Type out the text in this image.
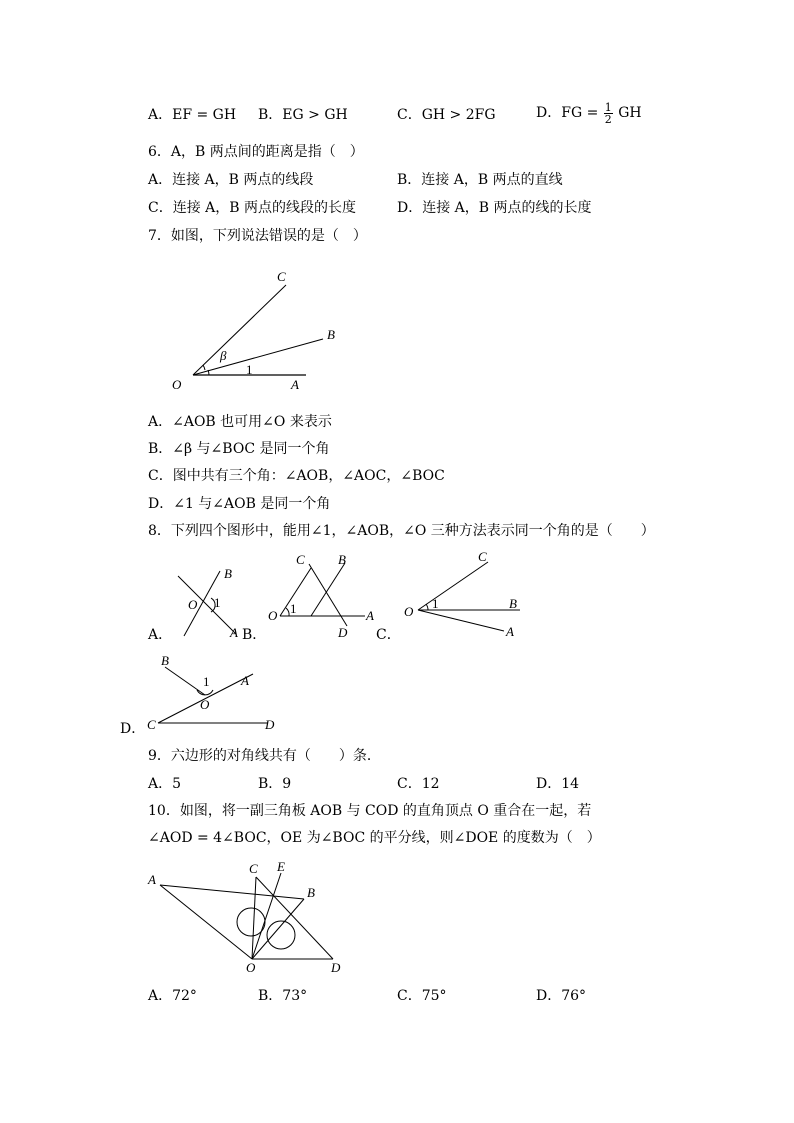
A．EF = GH B．EG > GH	C．GH > 2FG	D．FG = $\frac{1}{2}$ GH
6．A，B 两点间的距离是指（　）
A．连接 A，B 两点的线段	B．连接 A，B 两点的直线
C．连接 A，B 两点的线段的长度	D．连接 A，B 两点的线的长度
7．如图，下列说法错误的是（　）
C
B
O	A
β
1
A．∠AOB 也可用∠O 来表示
B．∠β 与∠BOC 是同一个角
C．图中共有三个角：∠AOB，∠AOC，∠BOC
D．∠1 与∠AOB 是同一个角
8．下列四个图形中，能用∠1，∠AOB，∠O 三种方法表示同一个角的是（　　）
B
O 1
A
A．	B．
C	B
O 1	A
D C．
C
O
1	B
A
D．
B
1 A
O
C	D
9．六边形的对角线共有（　　）条．
A．5	B．9	C．12	D．14
10．如图，将一副三角板 AOB 与 COD 的直角顶点 O 重合在一起，若
∠AOD = 4∠BOC，OE 为∠BOC 的平分线，则∠DOE 的度数为（　）
A
C E
B
O	D
A．72°	B．73°	C．75°	D．76°
